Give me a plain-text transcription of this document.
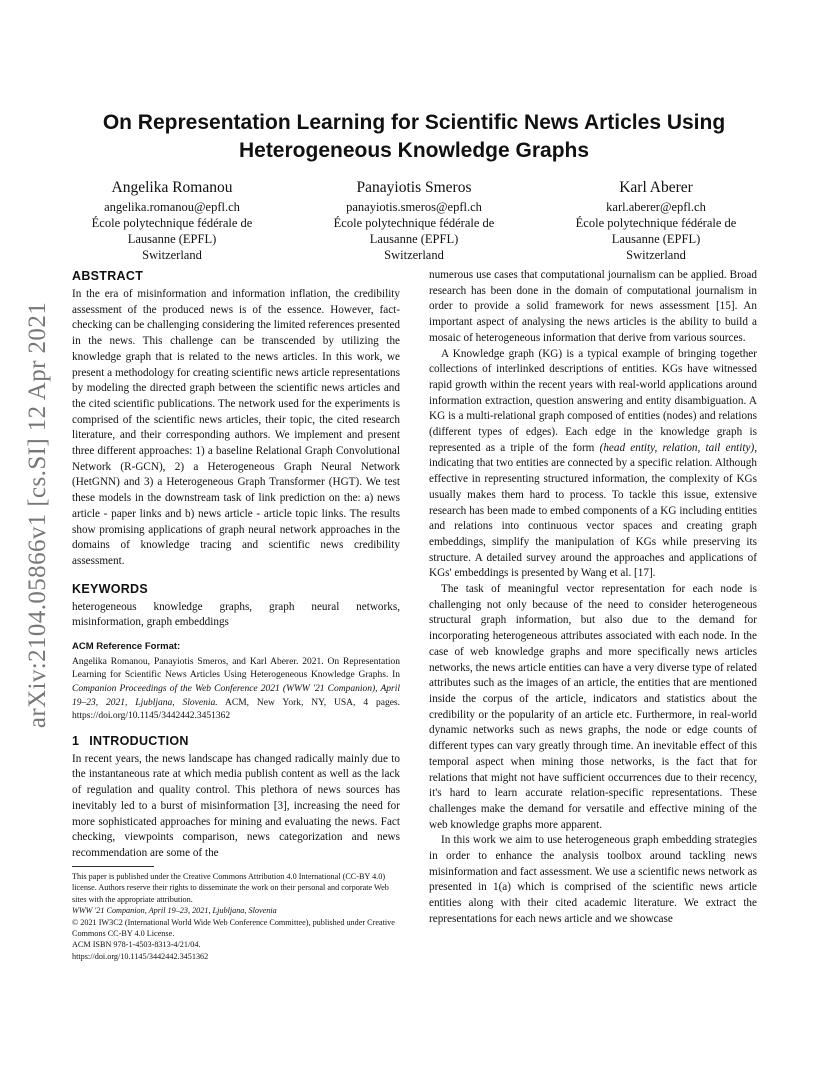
arXiv:2104.05866v1 [cs.SI] 12 Apr 2021
On Representation Learning for Scientific News Articles Using Heterogeneous Knowledge Graphs
Angelika Romanou
angelika.romanou@epfl.ch
École polytechnique fédérale de Lausanne (EPFL)
Switzerland
Panayiotis Smeros
panayiotis.smeros@epfl.ch
École polytechnique fédérale de Lausanne (EPFL)
Switzerland
Karl Aberer
karl.aberer@epfl.ch
École polytechnique fédérale de Lausanne (EPFL)
Switzerland
ABSTRACT

In the era of misinformation and information inflation, the credibility assessment of the produced news is of the essence. However, fact-checking can be challenging considering the limited references presented in the news. This challenge can be transcended by utilizing the knowledge graph that is related to the news articles. In this work, we present a methodology for creating scientific news article representations by modeling the directed graph between the scientific news articles and the cited scientific publications. The network used for the experiments is comprised of the scientific news articles, their topic, the cited research literature, and their corresponding authors. We implement and present three different approaches: 1) a baseline Relational Graph Convolutional Network (R-GCN), 2) a Heterogeneous Graph Neural Network (HetGNN) and 3) a Heterogeneous Graph Transformer (HGT). We test these models in the downstream task of link prediction on the: a) news article - paper links and b) news article - article topic links. The results show promising applications of graph neural network approaches in the domains of knowledge tracing and scientific news credibility assessment.

KEYWORDS

heterogeneous knowledge graphs, graph neural networks, misinformation, graph embeddings

ACM Reference Format:

Angelika Romanou, Panayiotis Smeros, and Karl Aberer. 2021. On Representation Learning for Scientific News Articles Using Heterogeneous Knowledge Graphs. In Companion Proceedings of the Web Conference 2021 (WWW '21 Companion), April 19–23, 2021, Ljubljana, Slovenia. ACM, New York, NY, USA, 4 pages. https://doi.org/10.1145/3442442.3451362

1 INTRODUCTION

In recent years, the news landscape has changed radically mainly due to the instantaneous rate at which media publish content as well as the lack of regulation and quality control. This plethora of news sources has inevitably led to a burst of misinformation [3], increasing the need for more sophisticated approaches for mining and evaluating the news. Fact checking, viewpoints comparison, news categorization and news recommendation are some of the

This paper is published under the Creative Commons Attribution 4.0 International (CC-BY 4.0) license. Authors reserve their rights to disseminate the work on their personal and corporate Web sites with the appropriate attribution.

WWW '21 Companion, April 19–23, 2021, Ljubljana, Slovenia

© 2021 IW3C2 (International World Wide Web Conference Committee), published under Creative Commons CC-BY 4.0 License.

ACM ISBN 978-1-4503-8313-4/21/04.

https://doi.org/10.1145/3442442.3451362

numerous use cases that computational journalism can be applied. Broad research has been done in the domain of computational journalism in order to provide a solid framework for news assessment [15]. An important aspect of analysing the news articles is the ability to build a mosaic of heterogeneous information that derive from various sources.

A Knowledge graph (KG) is a typical example of bringing together collections of interlinked descriptions of entities. KGs have witnessed rapid growth within the recent years with real-world applications around information extraction, question answering and entity disambiguation. A KG is a multi-relational graph composed of entities (nodes) and relations (different types of edges). Each edge in the knowledge graph is represented as a triple of the form (head entity, relation, tail entity), indicating that two entities are connected by a specific relation. Although effective in representing structured information, the complexity of KGs usually makes them hard to process. To tackle this issue, extensive research has been made to embed components of a KG including entities and relations into continuous vector spaces and creating graph embeddings, simplify the manipulation of KGs while preserving its structure. A detailed survey around the approaches and applications of KGs' embeddings is presented by Wang et al. [17].

The task of meaningful vector representation for each node is challenging not only because of the need to consider heterogeneous structural graph information, but also due to the demand for incorporating heterogeneous attributes associated with each node. In the case of web knowledge graphs and more specifically news articles networks, the news article entities can have a very diverse type of related attributes such as the images of an article, the entities that are mentioned inside the corpus of the article, indicators and statistics about the credibility or the popularity of an article etc. Furthermore, in real-world dynamic networks such as news graphs, the node or edge counts of different types can vary greatly through time. An inevitable effect of this temporal aspect when mining those networks, is the fact that for relations that might not have sufficient occurrences due to their recency, it's hard to learn accurate relation-specific representations. These challenges make the demand for versatile and effective mining of the web knowledge graphs more apparent.

In this work we aim to use heterogeneous graph embedding strategies in order to enhance the analysis toolbox around tackling news misinformation and fact assessment. We use a scientific news network as presented in 1(a) which is comprised of the scientific news article entities along with their cited academic literature. We extract the representations for each news article and we showcase
